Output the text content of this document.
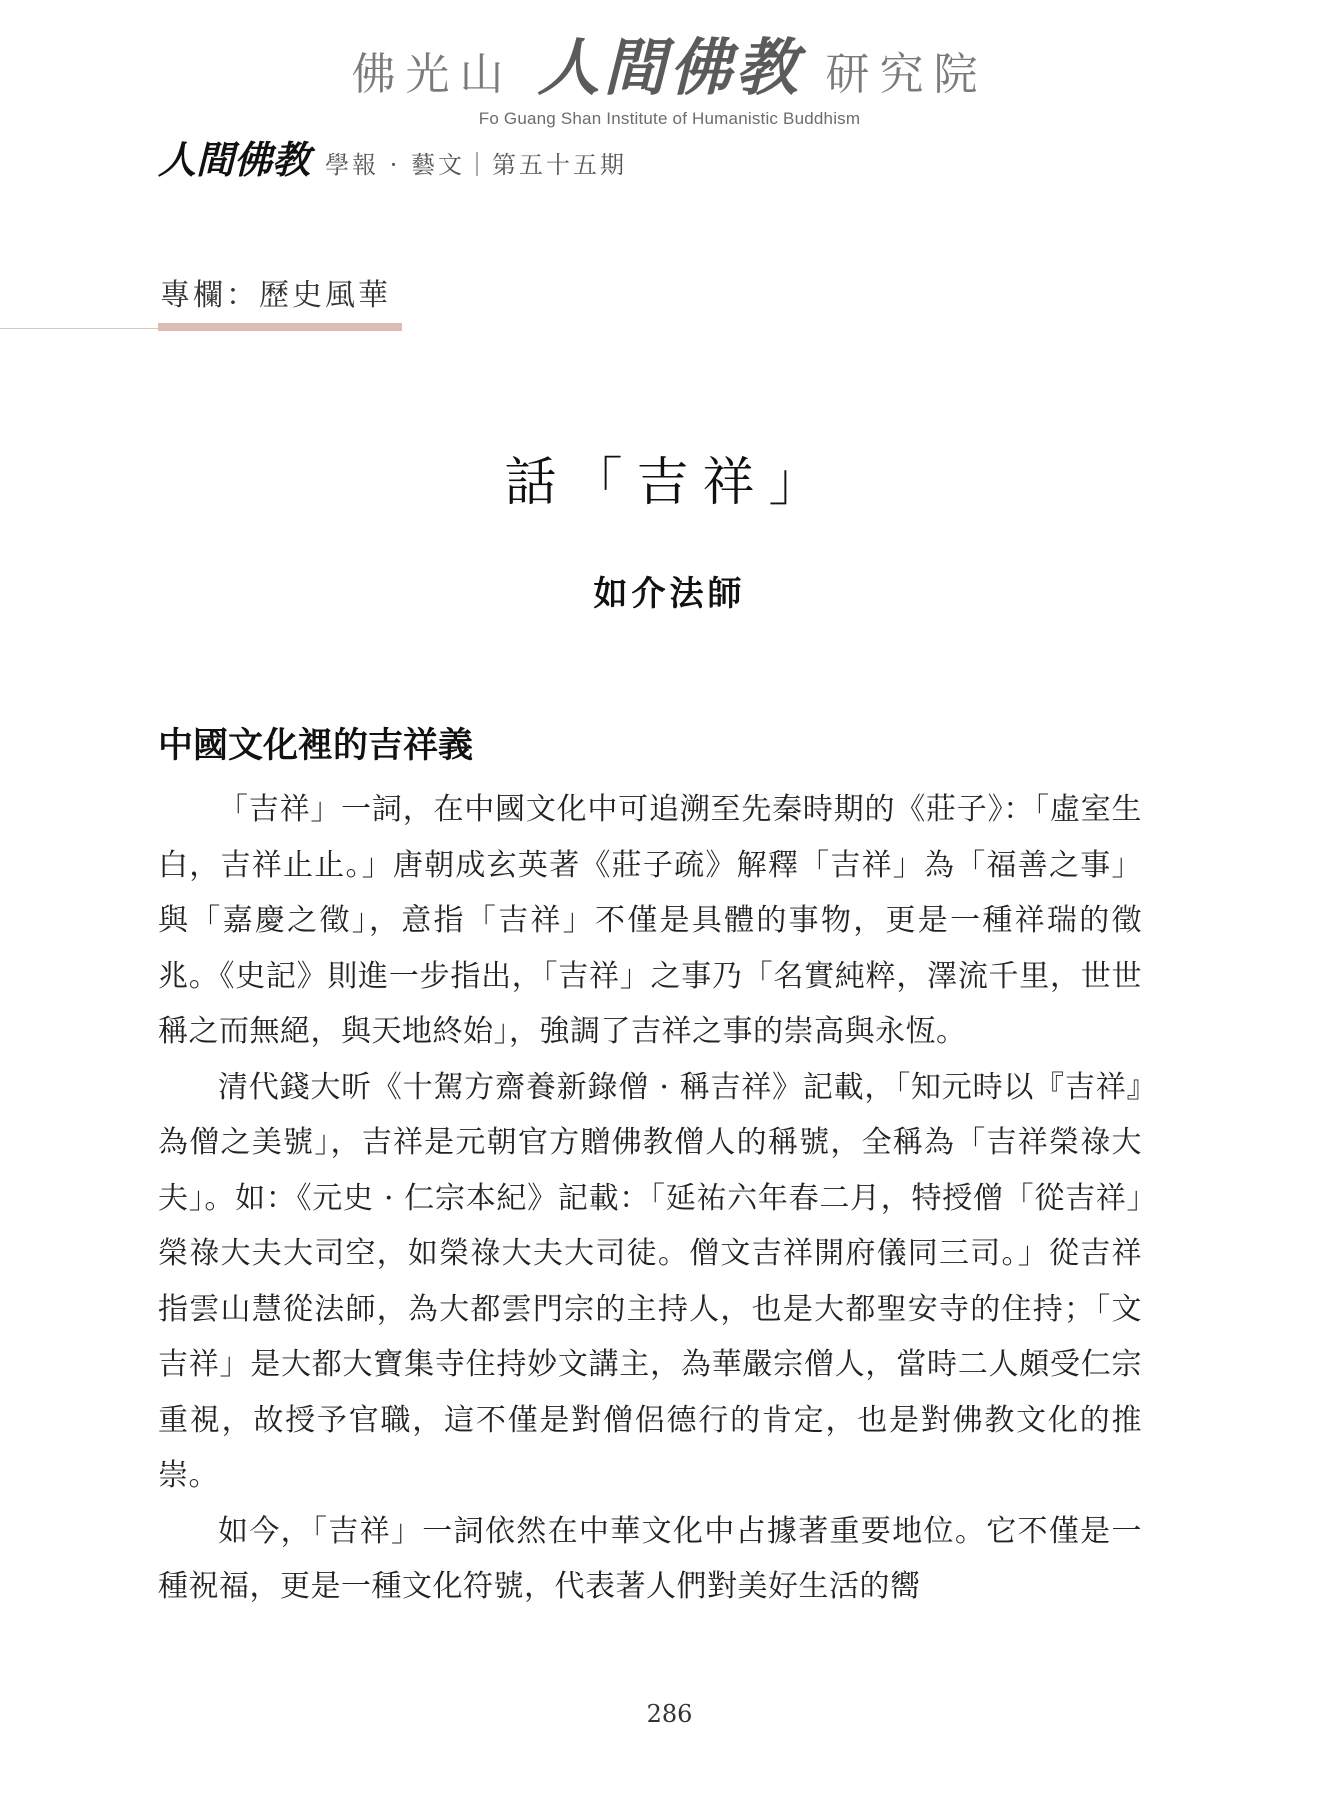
佛光山 人間佛教 研究院
Fo Guang Shan Institute of Humanistic Buddhism
人間佛教 學報 · 藝文｜第五十五期
專欄：歷史風華
話「吉祥」
如介法師
中國文化裡的吉祥義

「吉祥」一詞，在中國文化中可追溯至先秦時期的《莊子》：「虛室生白，吉祥止止。」唐朝成玄英著《莊子疏》解釋「吉祥」為「福善之事」與「嘉慶之徵」，意指「吉祥」不僅是具體的事物，更是一種祥瑞的徵兆。《史記》則進一步指出，「吉祥」之事乃「名實純粹，澤流千里，世世稱之而無絕，與天地終始」，強調了吉祥之事的崇高與永恆。

清代錢大昕《十駕方齋養新錄僧 · 稱吉祥》記載，「知元時以『吉祥』為僧之美號」，吉祥是元朝官方贈佛教僧人的稱號，全稱為「吉祥榮祿大夫」。如：《元史 · 仁宗本紀》記載：「延祐六年春二月，特授僧「從吉祥」榮祿大夫大司空，如榮祿大夫大司徒。僧文吉祥開府儀同三司。」從吉祥指雲山慧從法師，為大都雲門宗的主持人，也是大都聖安寺的住持；「文吉祥」是大都大寶集寺住持妙文講主，為華嚴宗僧人，當時二人頗受仁宗重視，故授予官職，這不僅是對僧侶德行的肯定，也是對佛教文化的推崇。

如今，「吉祥」一詞依然在中華文化中占據著重要地位。它不僅是一種祝福，更是一種文化符號，代表著人們對美好生活的嚮

286
